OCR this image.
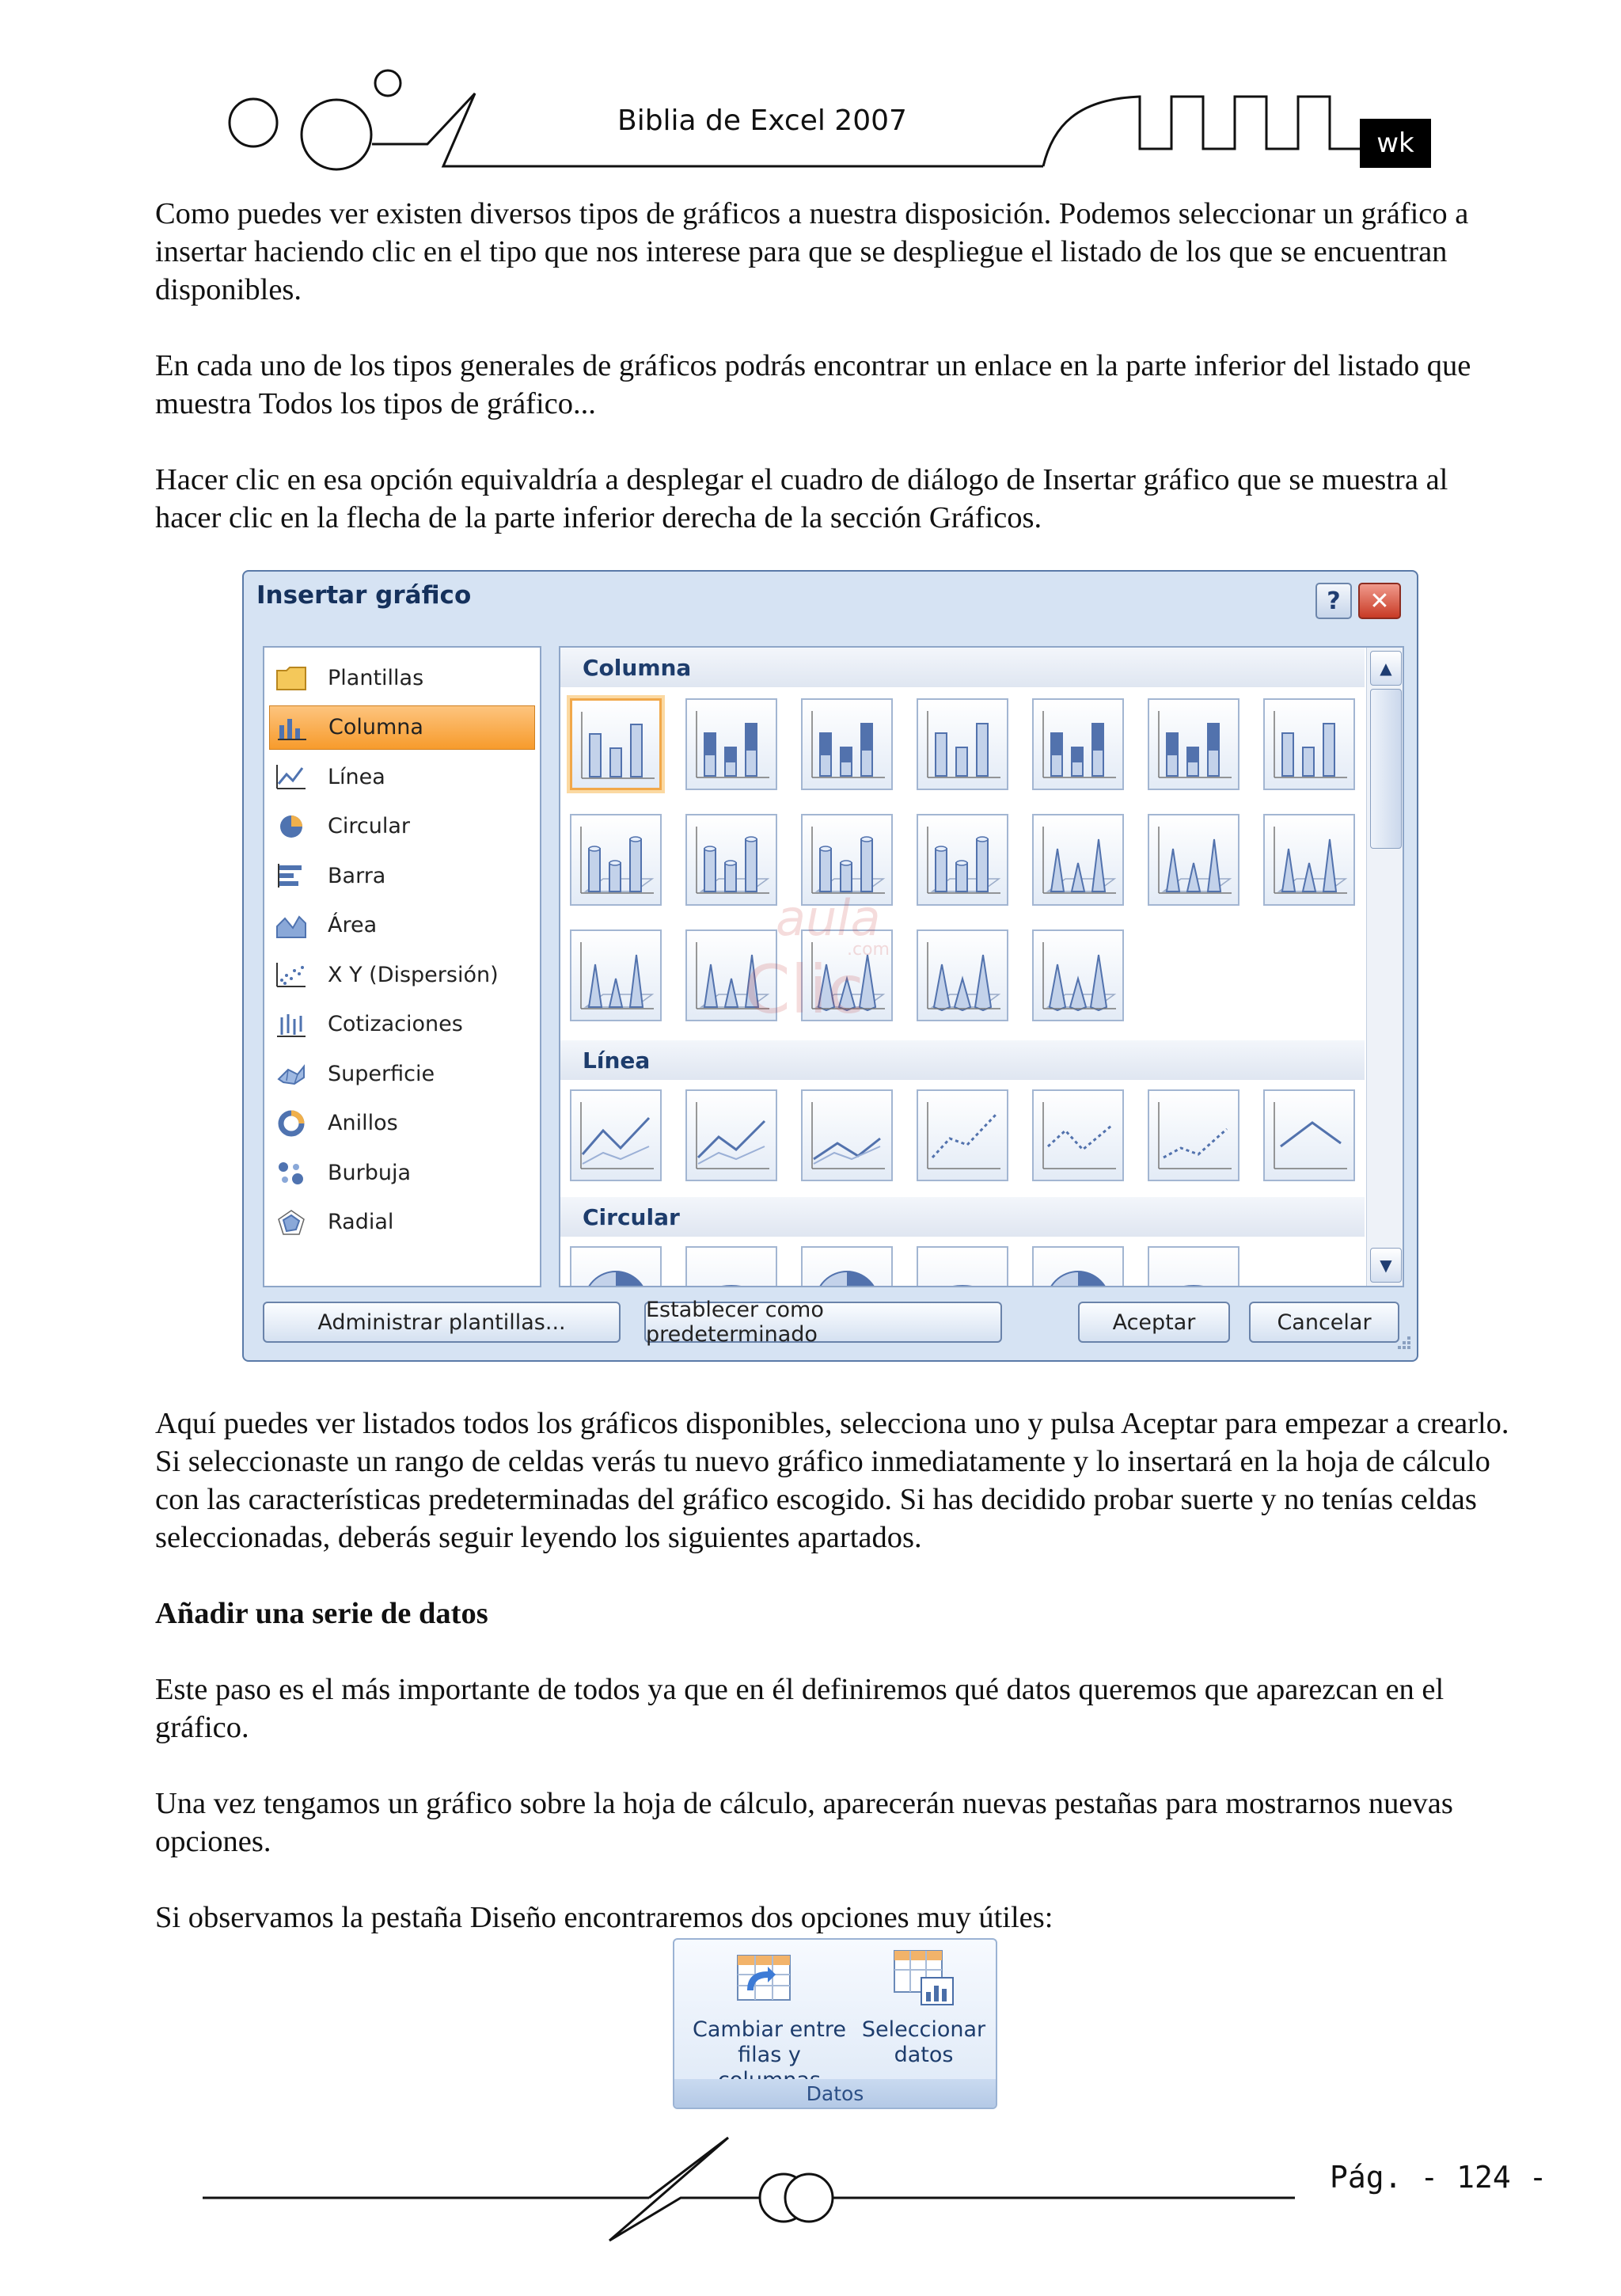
Biblia de Excel 2007
wk

Como puedes ver existen diversos tipos de gráficos a nuestra disposición. Podemos seleccionar un gráfico a insertar haciendo clic en el tipo que nos interese para que se despliegue el listado de los que se encuentran disponibles.

En cada uno de los tipos generales de gráficos podrás encontrar un enlace en la parte inferior del listado que muestra Todos los tipos de gráfico...

Hacer clic en esa opción equivaldría a desplegar el cuadro de diálogo de Insertar gráfico que se muestra al hacer clic en la flecha de la parte inferior derecha de la sección Gráficos.

Insertar gráfico	?	✕
Plantillas
Columna
Línea
Circular
Barra
Área
X Y (Dispersión)
Cotizaciones
Superficie
Anillos
Burbuja
Radial
Columna
Línea
Circular
▲
▼
Administrar plantillas...	Establecer como predeterminado	Aceptar	Cancelar

Aquí puedes ver listados todos los gráficos disponibles, selecciona uno y pulsa Aceptar para empezar a crearlo. Si seleccionaste un rango de celdas verás tu nuevo gráfico inmediatamente y lo insertará en la hoja de cálculo con las características predeterminadas del gráfico escogido. Si has decidido probar suerte y no tenías celdas seleccionadas, deberás seguir leyendo los siguientes apartados.

Añadir una serie de datos

Este paso es el más importante de todos ya que en él definiremos qué datos queremos que aparezcan en el gráfico.

Una vez tengamos un gráfico sobre la hoja de cálculo, aparecerán nuevas pestañas para mostrarnos nuevas opciones.

Si observamos la pestaña Diseño encontraremos dos opciones muy útiles:

Cambiar entre
filas y
Seleccionar
datos
Datos
Pág. - 124 -
